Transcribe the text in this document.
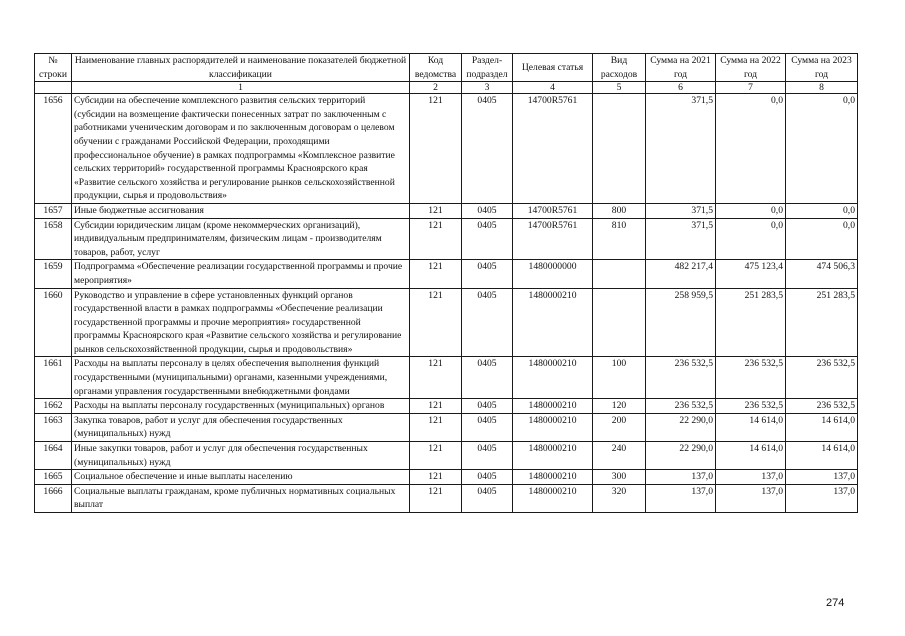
№ строки	Наименование главных распорядителей и наименование показателей бюджетной классификации	Код ведомства	Раздел-подраздел	Целевая статья	Вид расходов	Сумма на 2021 год	Сумма на 2022 год	Сумма на 2023 год
	1	2	3	4	5	6	7	8
1656	Субсидии на обеспечение комплексного развития сельских территорий (субсидии на возмещение фактически понесенных затрат по заключенным с работниками ученическим договорам и по заключенным договорам о целевом обучении с гражданами Российской Федерации, проходящими профессиональное обучение) в рамках подпрограммы «Комплексное развитие сельских территорий» государственной программы Красноярского края «Развитие сельского хозяйства и регулирование рынков сельскохозяйственной продукции, сырья и продовольствия»	121	0405	14700R5761		371,5	0,0	0,0
1657	Иные бюджетные ассигнования	121	0405	14700R5761	800	371,5	0,0	0,0
1658	Субсидии юридическим лицам (кроме некоммерческих организаций), индивидуальным предпринимателям, физическим лицам - производителям товаров, работ, услуг	121	0405	14700R5761	810	371,5	0,0	0,0
1659	Подпрограмма «Обеспечение реализации государственной программы и прочие мероприятия»	121	0405	1480000000		482 217,4	475 123,4	474 506,3
1660	Руководство и управление в сфере установленных функций органов государственной власти в рамках подпрограммы «Обеспечение реализации государственной программы и прочие мероприятия» государственной программы Красноярского края «Развитие сельского хозяйства и регулирование рынков сельскохозяйственной продукции, сырья и продовольствия»	121	0405	1480000210		258 959,5	251 283,5	251 283,5
1661	Расходы на выплаты персоналу в целях обеспечения выполнения функций государственными (муниципальными) органами, казенными учреждениями, органами управления государственными внебюджетными фондами	121	0405	1480000210	100	236 532,5	236 532,5	236 532,5
1662	Расходы на выплаты персоналу государственных (муниципальных) органов	121	0405	1480000210	120	236 532,5	236 532,5	236 532,5
1663	Закупка товаров, работ и услуг для обеспечения государственных (муниципальных) нужд	121	0405	1480000210	200	22 290,0	14 614,0	14 614,0
1664	Иные закупки товаров, работ и услуг для обеспечения государственных (муниципальных) нужд	121	0405	1480000210	240	22 290,0	14 614,0	14 614,0
1665	Социальное обеспечение и иные выплаты населению	121	0405	1480000210	300	137,0	137,0	137,0
1666	Социальные выплаты гражданам, кроме публичных нормативных социальных выплат	121	0405	1480000210	320	137,0	137,0	137,0
274
